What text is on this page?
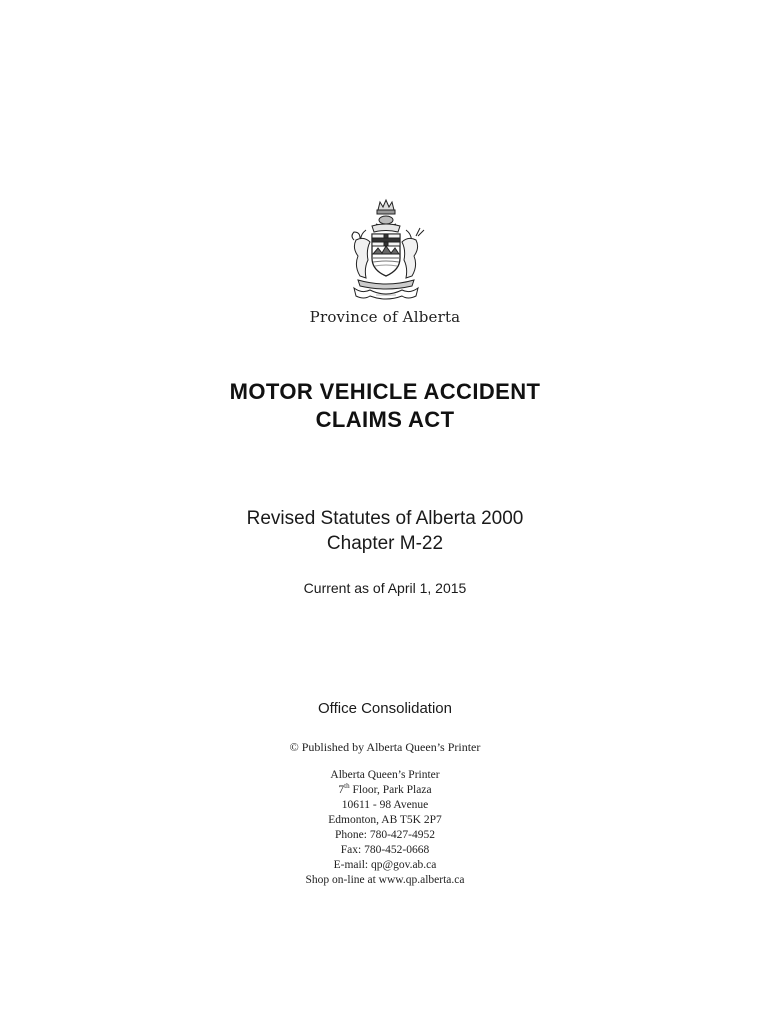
Province of Alberta
MOTOR VEHICLE ACCIDENT
CLAIMS ACT
Revised Statutes of Alberta 2000
Chapter M-22
Current as of April 1, 2015
Office Consolidation
© Published by Alberta Queen’s Printer
Alberta Queen’s Printer
7th Floor, Park Plaza
10611 - 98 Avenue
Edmonton, AB T5K 2P7
Phone: 780-427-4952
Fax: 780-452-0668
E-mail: qp@gov.ab.ca
Shop on-line at www.qp.alberta.ca
